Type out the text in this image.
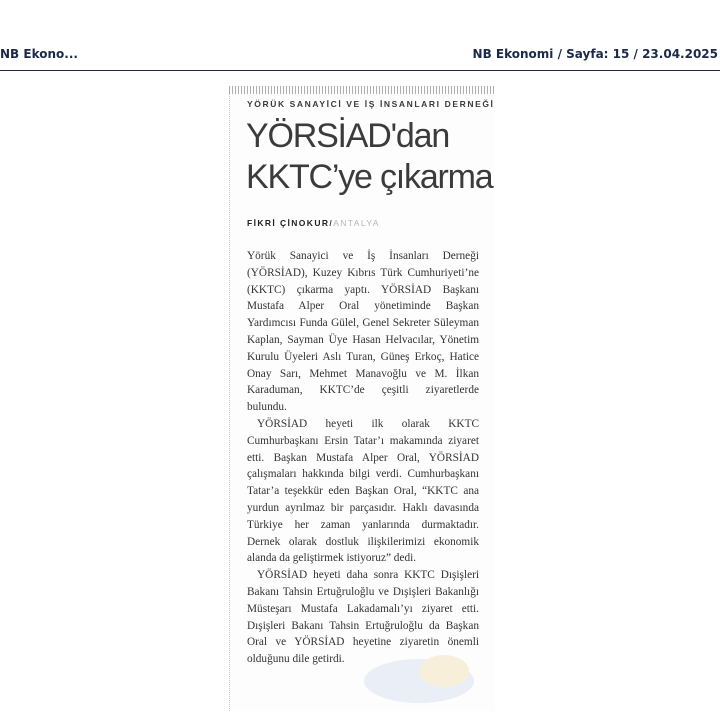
NB Ekono...	NB Ekonomi / Sayfa: 15 / 23.04.2025
YÖRÜK SANAYİCİ VE İŞ İNSANLARI DERNEĞİ
YÖRSİAD'dan
KKTC’ye çıkarma
FİKRİ ÇİNOKUR/ANTALYA

Yörük Sanayici ve İş İnsanları Derneği (YÖRSİAD), Kuzey Kıbrıs Türk Cumhuriyeti’ne (KKTC) çıkarma yaptı. YÖRSİAD Başkanı Mustafa Alper Oral yönetiminde Başkan Yardımcısı Funda Gülel, Genel Sekreter Süleyman Kaplan, Sayman Üye Hasan Helvacılar, Yönetim Kurulu Üyeleri Aslı Turan, Güneş Erkoç, Hatice Onay Sarı, Mehmet Manavoğlu ve M. İlkan Karaduman, KKTC’de çeşitli ziyaretlerde bulundu.

YÖRSİAD heyeti ilk olarak KKTC Cumhurbaşkanı Ersin Tatar’ı makamında ziyaret etti. Başkan Mustafa Alper Oral, YÖRSİAD çalışmaları hakkında bilgi verdi. Cumhurbaşkanı Tatar’a teşekkür eden Başkan Oral, “KKTC ana yurdun ayrılmaz bir parçasıdır. Haklı davasında Türkiye her zaman yanlarında durmaktadır. Dernek olarak dostluk ilişkilerimizi ekonomik alanda da geliştirmek istiyoruz” dedi.

YÖRSİAD heyeti daha sonra KKTC Dışişleri Bakanı Tahsin Ertuğruloğlu ve Dışişleri Bakanlığı Müsteşarı Mustafa Lakadamalı’yı ziyaret etti. Dışişleri Bakanı Tahsin Ertuğruloğlu da Başkan Oral ve YÖRSİAD heyetine ziyaretin önemli olduğunu dile getirdi.
